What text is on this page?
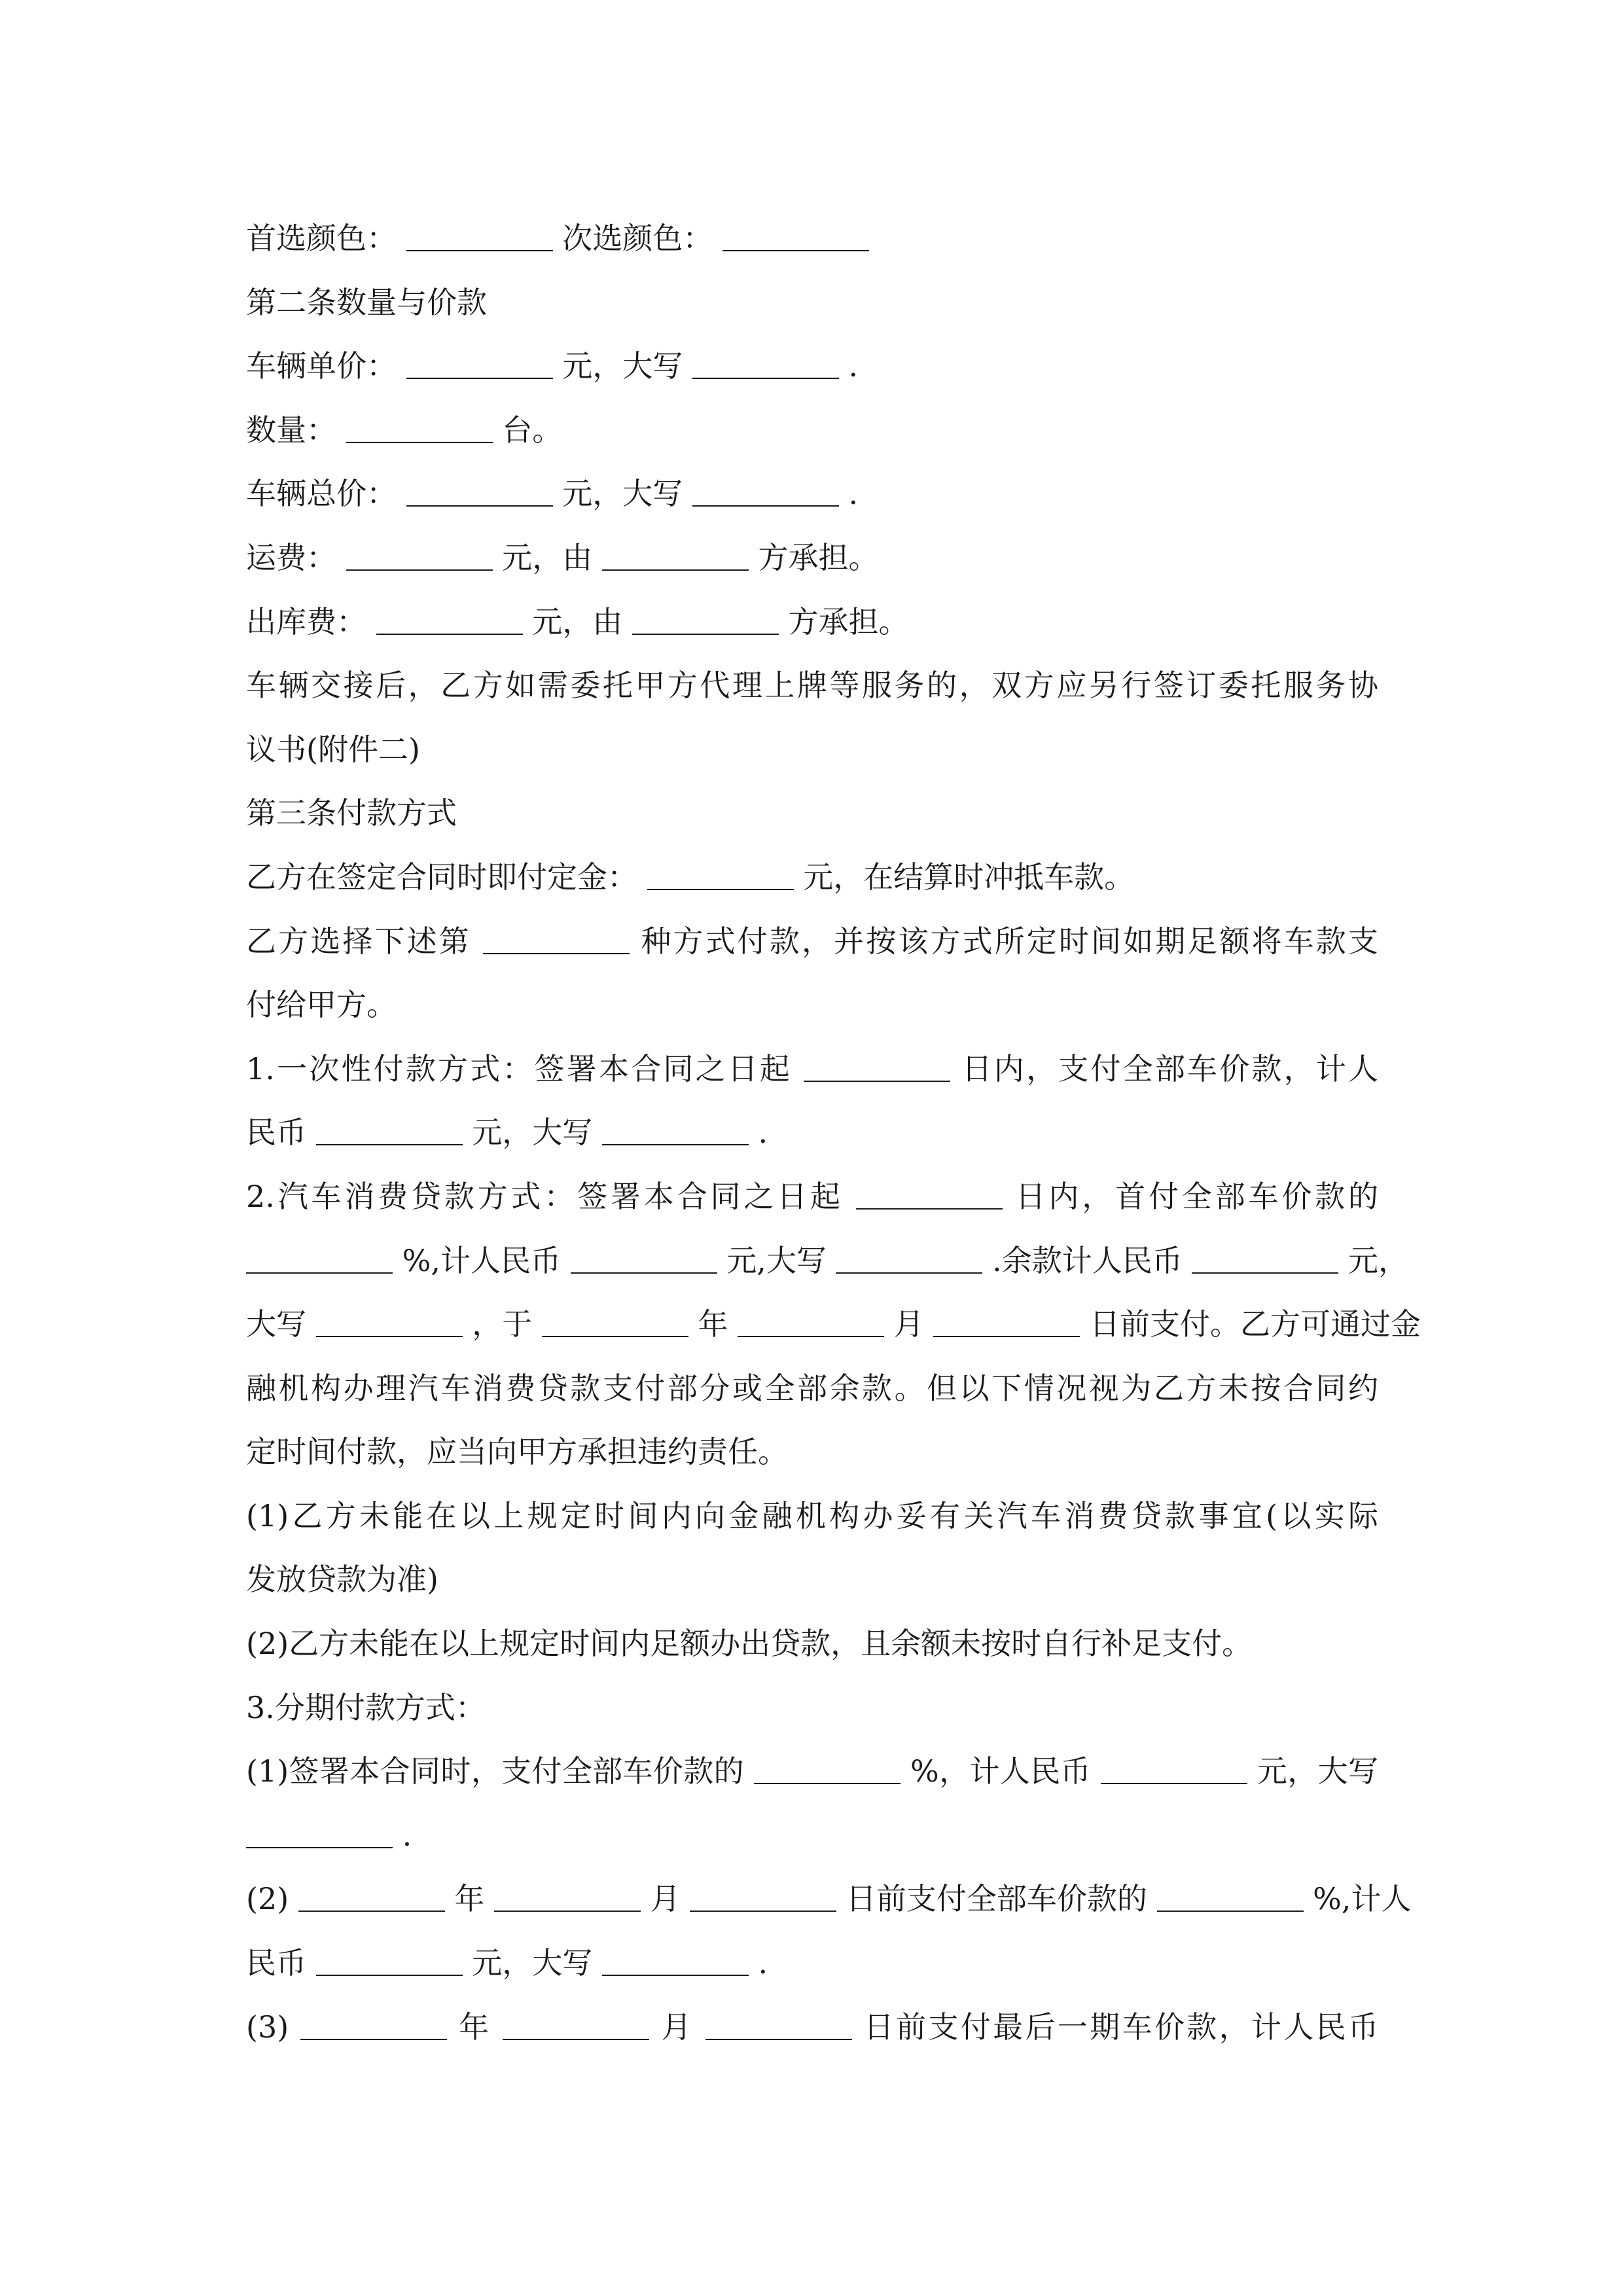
首选颜色：	次选颜色：
第二条数量与价款
车辆单价：	元，大写	.
数量：	台。
车辆总价：	元，大写	.
运费：	元，由	方承担。
出库费：	元，由	方承担。
车辆交接后，乙方如需委托甲方代理上牌等服务的，双方应另行签订委托服务协
议书(附件二)
第三条付款方式
乙方在签定合同时即付定金：	元，在结算时冲抵车款。
乙方选择下述第	种方式付款，并按该方式所定时间如期足额将车款支
付给甲方。
1.一次性付款方式：签署本合同之日起	日内，支付全部车价款，计人
民币	元，大写	.
2.汽车消费贷款方式：签署本合同之日起	日内，首付全部车价款的
%,计人民币	元,大写	.余款计人民币	元，
大写	，于	年	月	日前支付。乙方可通过金
融机构办理汽车消费贷款支付部分或全部余款。但以下情况视为乙方未按合同约
定时间付款，应当向甲方承担违约责任。
(1)乙方未能在以上规定时间内向金融机构办妥有关汽车消费贷款事宜(以实际
发放贷款为准)
(2)乙方未能在以上规定时间内足额办出贷款，且余额未按时自行补足支付。
3.分期付款方式：
(1)签署本合同时，支付全部车价款的	%，计人民币	元，大写
.
(2)	年	月	日前支付全部车价款的	%,计人
民币	元，大写	.
(3)	年	月	日前支付最后一期车价款，计人民币
